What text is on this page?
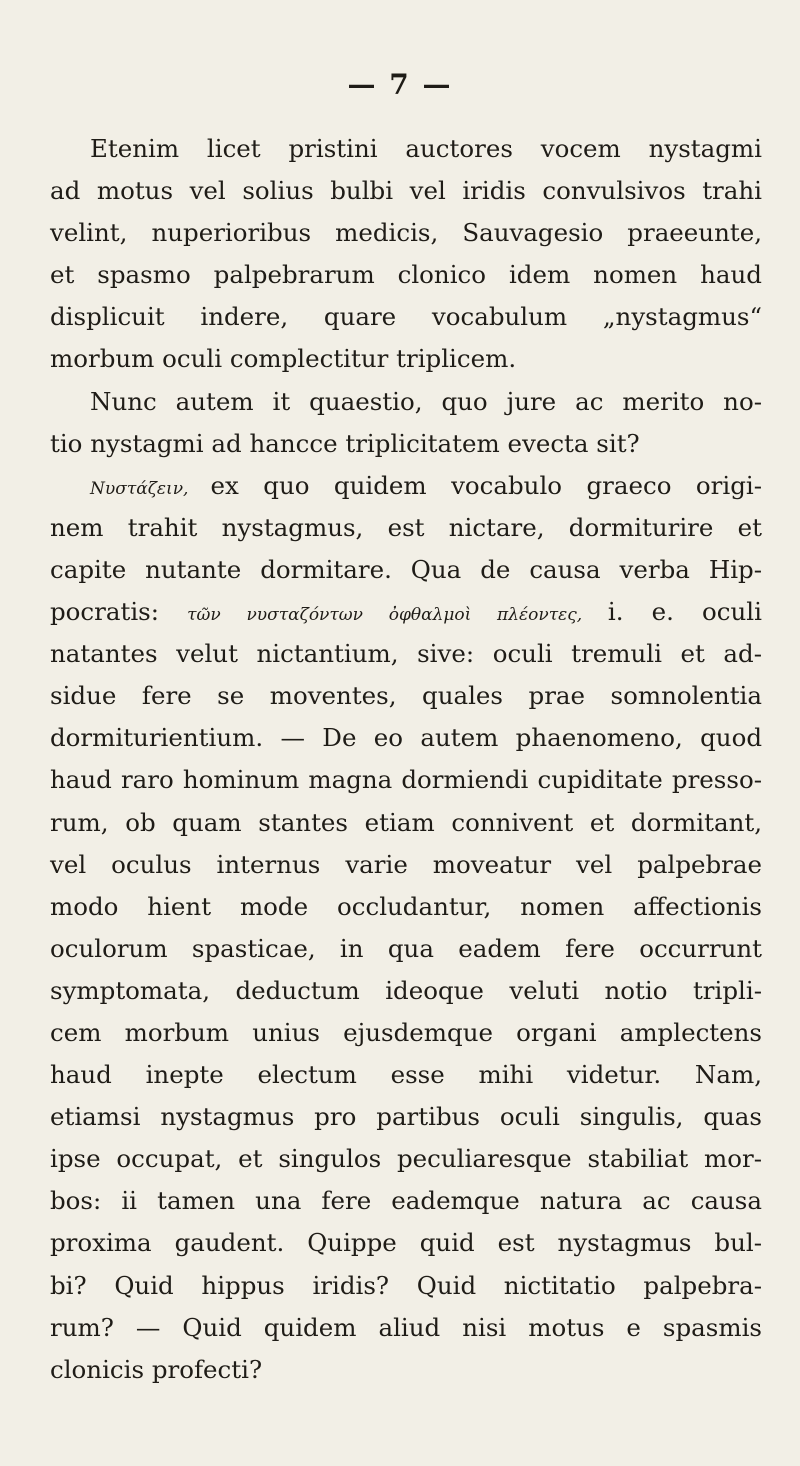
— 7 —
Etenim licet pristini auctores vocem nystagmi
ad motus vel solius bulbi vel iridis convulsivos trahi
velint, nuperioribus medicis, Sauvagesio praeeunte,
et spasmo palpebrarum clonico idem nomen haud
displicuit indere, quare vocabulum „nystagmus“
morbum oculi complectitur triplicem.
Nunc autem it quaestio, quo jure ac merito no-
tio nystagmi ad hancce triplicitatem evecta sit?
Νυστάζειν, ex quo quidem vocabulo graeco origi-
nem trahit nystagmus, est nictare, dormiturire et
capite nutante dormitare. Qua de causa verba Hip-
pocratis: τῶν νυσταζόντων ὀφθαλμοὶ πλέοντες, i. e. oculi
natantes velut nictantium, sive: oculi tremuli et ad-
sidue fere se moventes, quales prae somnolentia
dormiturientium. — De eo autem phaenomeno, quod
haud raro hominum magna dormiendi cupiditate presso-
rum, ob quam stantes etiam connivent et dormitant,
vel oculus internus varie moveatur vel palpebrae
modo hient mode occludantur, nomen affectionis
oculorum spasticae, in qua eadem fere occurrunt
symptomata, deductum ideoque veluti notio tripli-
cem morbum unius ejusdemque organi amplectens
haud inepte electum esse mihi videtur. Nam,
etiamsi nystagmus pro partibus oculi singulis, quas
ipse occupat, et singulos peculiaresque stabiliat mor-
bos: ii tamen una fere eademque natura ac causa
proxima gaudent. Quippe quid est nystagmus bul-
bi? Quid hippus iridis? Quid nictitatio palpebra-
rum? — Quid quidem aliud nisi motus e spasmis
clonicis profecti?
